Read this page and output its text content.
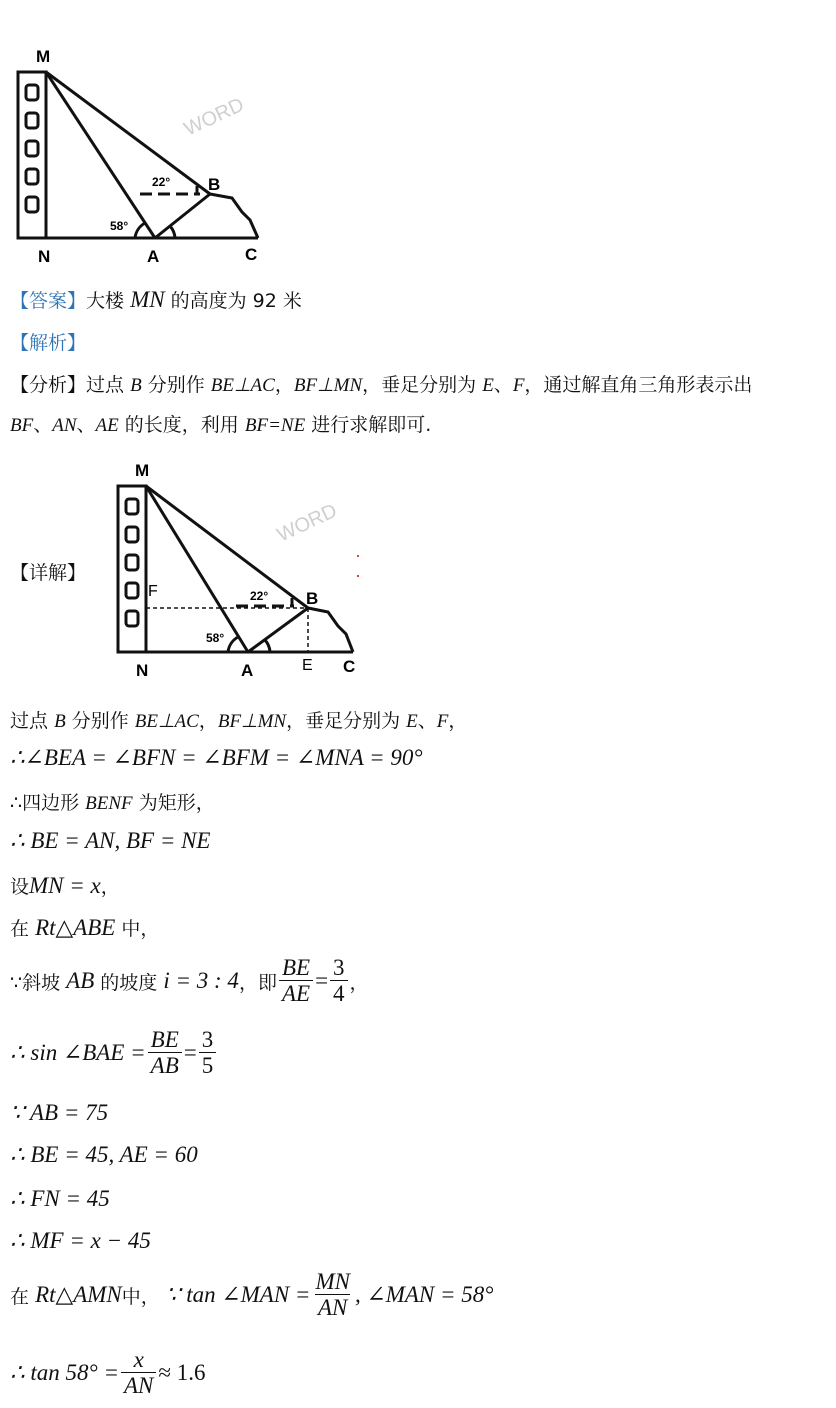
WORD
M
N	A
B
C
58°
22°
【答案】大楼 MN 的高度为 92 米
【解析】
【分析】过点 B 分别作 BE⊥AC，BF⊥MN，垂足分别为 E、F，通过解直角三角形表示出
BF、AN、AE 的长度，利用 BF=NE 进行求解即可.
【详解】
WORD
M
N	A
B
C
E
F
58°
22°
过点 B 分别作 BE⊥AC，BF⊥MN，垂足分别为 E、F，
∴∠BEA = ∠BFN = ∠BFM = ∠MNA = 90°
∴四边形 BENF 为矩形，
∴ BE = AN, BF = NE
设MN = x，
在 Rt△ABE 中，
∵斜坡
AB
的坡度
i = 3 : 4 ，即 $\frac{BE}{AE} = \frac{3}{4}$ ，
∴ sin ∠BAE = $\frac{BE}{AB} = \frac{3}{5}$
∵ AB = 75
∴ BE = 45, AE = 60
∴ FN = 45
∴ MF = x − 45
在
Rt△AMN 中，
∵ tan ∠MAN = $\frac{MN}{AN}$ , ∠MAN = 58°
∴ $\tan 58^\circ = \frac{x}{AN} \approx 1.6$
